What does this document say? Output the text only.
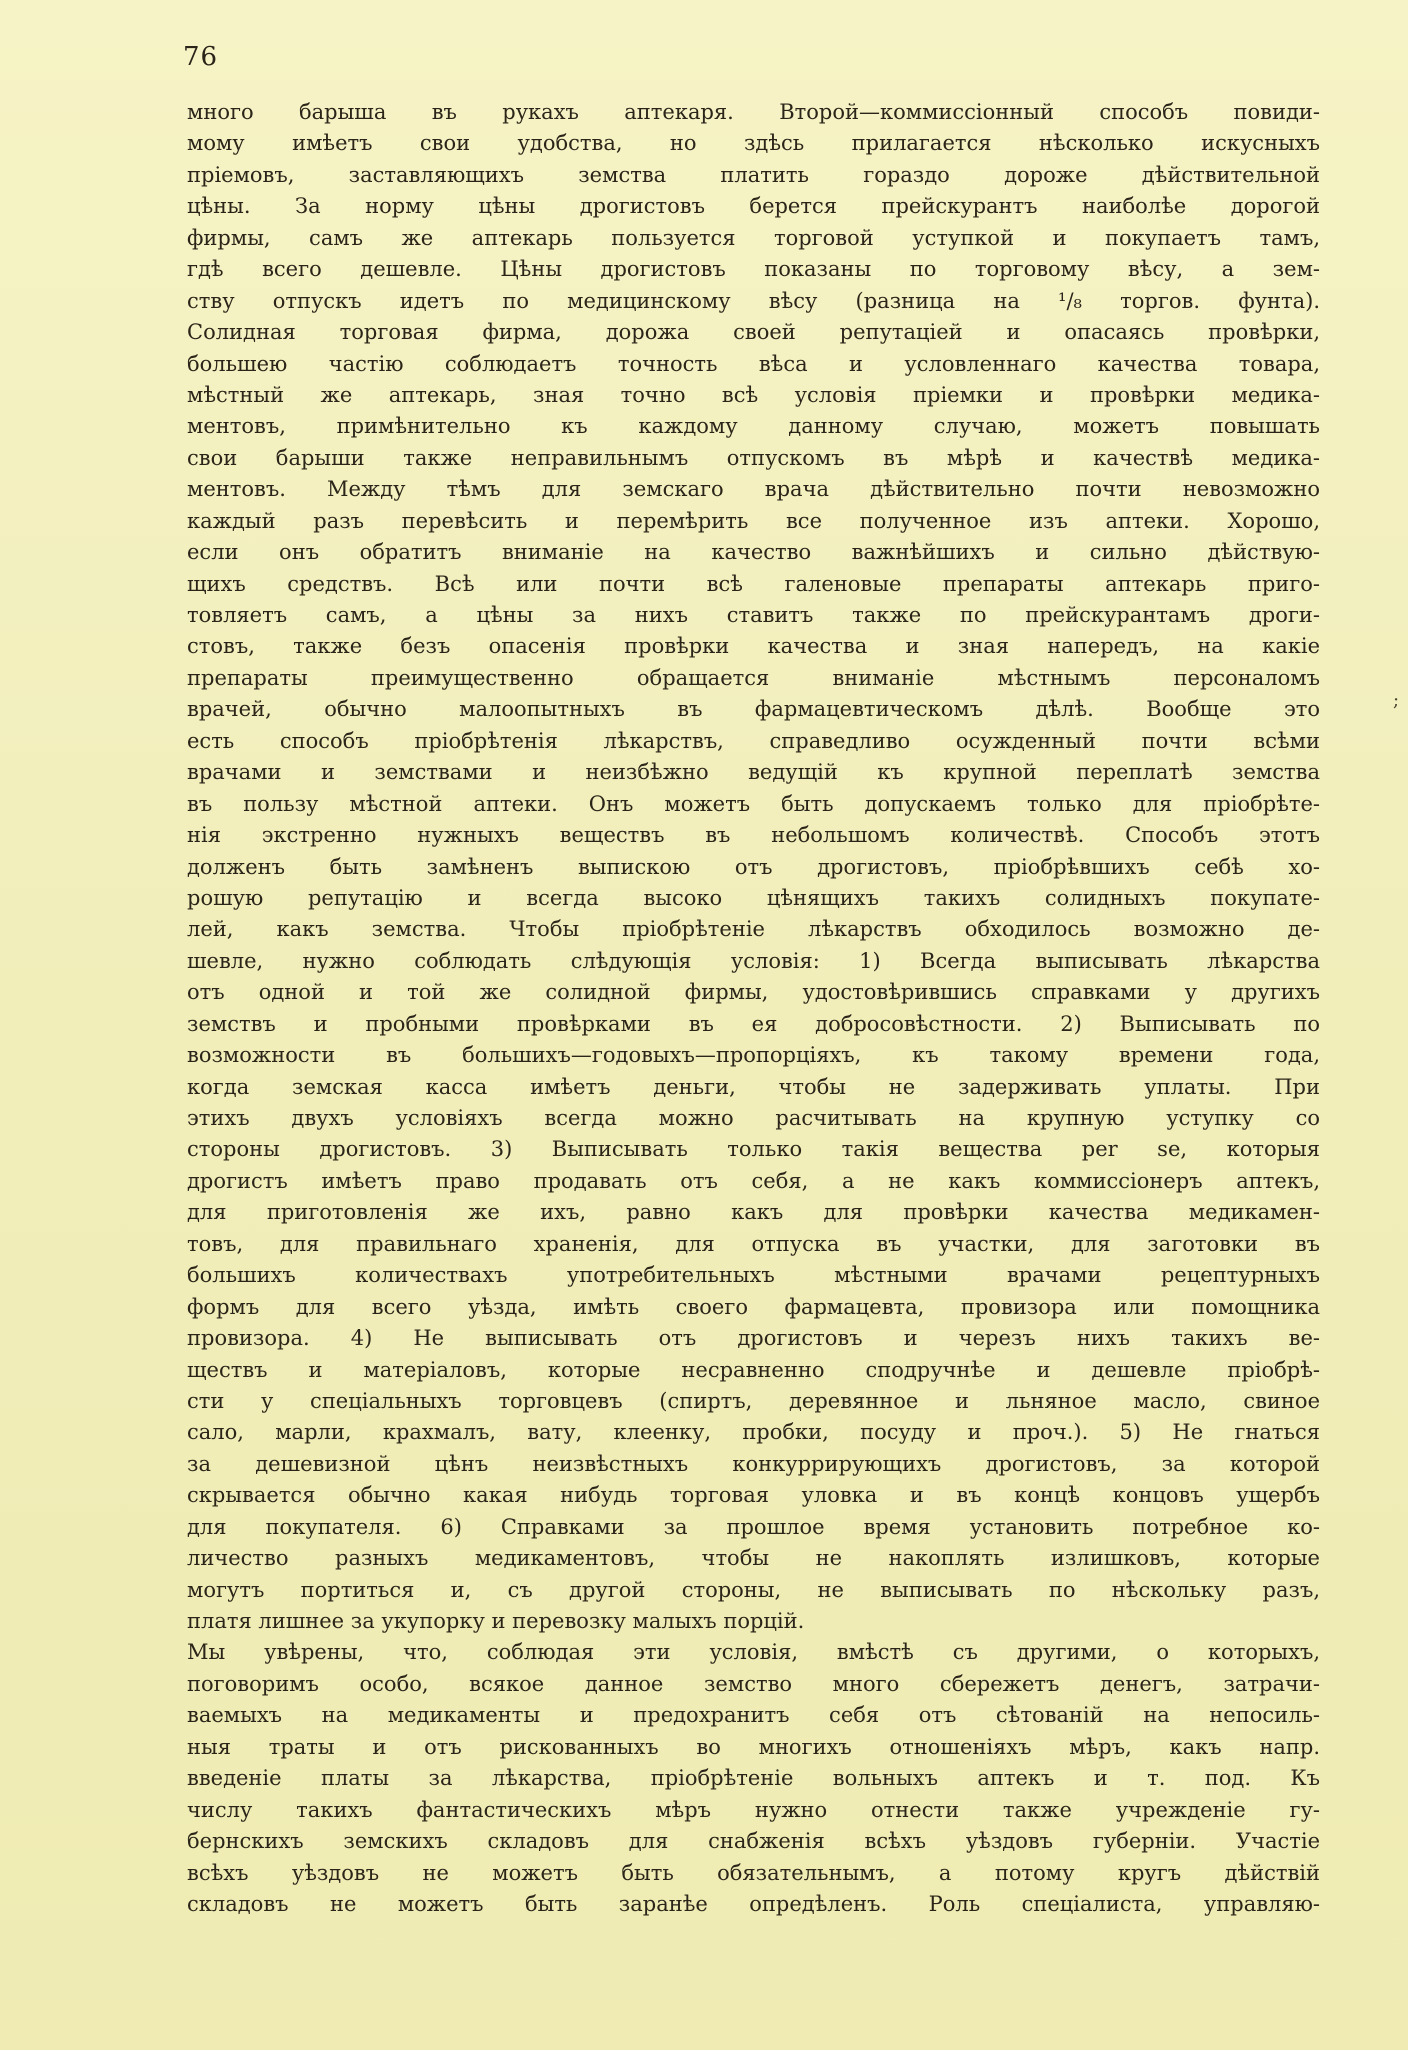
76
;
много барыша въ рукахъ аптекаря. Второй—коммиссiонный способъ повиди-
мому имѣетъ свои удобства, но здѣсь прилагается нѣсколько искусныхъ
прiемовъ, заставляющихъ земства платить гораздо дороже дѣйствительной
цѣны. За норму цѣны дрогистовъ берется прейскурантъ наиболѣе дорогой
фирмы, самъ же аптекарь пользуется торговой уступкой и покупаетъ тамъ,
гдѣ всего дешевле. Цѣны дрогистовъ показаны по торговому вѣсу, а зем-
ству отпускъ идетъ по медицинскому вѣсу (разница на ¹/₈ торгов. фунта).
Солидная торговая фирма, дорожа своей репутацiей и опасаясь провѣрки,
большею частiю соблюдаетъ точность вѣса и условленнаго качества товара,
мѣстный же аптекарь, зная точно всѣ условiя прiемки и провѣрки медика-
ментовъ, примѣнительно къ каждому данному случаю, можетъ повышать
свои барыши также неправильнымъ отпускомъ въ мѣрѣ и качествѣ медика-
ментовъ. Между тѣмъ для земскаго врача дѣйствительно почти невозможно
каждый разъ перевѣсить и перемѣрить все полученное изъ аптеки. Хорошо,
если онъ обратитъ вниманiе на качество важнѣйшихъ и сильно дѣйствую-
щихъ средствъ. Всѣ или почти всѣ галеновые препараты аптекарь приго-
товляетъ самъ, а цѣны за нихъ ставитъ также по прейскурантамъ дроги-
стовъ, также безъ опасенiя провѣрки качества и зная напередъ, на какiе
препараты преимущественно обращается вниманiе мѣстнымъ персоналомъ
врачей, обычно малоопытныхъ въ фармацевтическомъ дѣлѣ. Вообще это
есть способъ прiобрѣтенiя лѣкарствъ, справедливо осужденный почти всѣми
врачами и земствами и неизбѣжно ведущiй къ крупной переплатѣ земства
въ пользу мѣстной аптеки. Онъ можетъ быть допускаемъ только для прiобрѣте-
нiя экстренно нужныхъ веществъ въ небольшомъ количествѣ. Способъ этотъ
долженъ быть замѣненъ выпискою отъ дрогистовъ, прiобрѣвшихъ себѣ хо-
рошую репутацiю и всегда высоко цѣнящихъ такихъ солидныхъ покупате-
лей, какъ земства. Чтобы прiобрѣтенiе лѣкарствъ обходилось возможно де-
шевле, нужно соблюдать слѣдующiя условiя: 1) Всегда выписывать лѣкарства
отъ одной и той же солидной фирмы, удостовѣрившись справками у другихъ
земствъ и пробными провѣрками въ ея добросовѣстности. 2) Выписывать по
возможности въ большихъ—годовыхъ—пропорцiяхъ, къ такому времени года,
когда земская касса имѣетъ деньги, чтобы не задерживать уплаты. При
этихъ двухъ условiяхъ всегда можно расчитывать на крупную уступку со
стороны дрогистовъ. 3) Выписывать только такiя вещества per se, которыя
дрогистъ имѣетъ право продавать отъ себя, а не какъ коммиссiонеръ аптекъ,
для приготовленiя же ихъ, равно какъ для провѣрки качества медикамен-
товъ, для правильнаго храненiя, для отпуска въ участки, для заготовки въ
большихъ количествахъ употребительныхъ мѣстными врачами рецептурныхъ
формъ для всего уѣзда, имѣть своего фармацевта, провизора или помощника
провизора. 4) Не выписывать отъ дрогистовъ и черезъ нихъ такихъ ве-
ществъ и матерiаловъ, которые несравненно сподручнѣе и дешевле прiобрѣ-
сти у спецiальныхъ торговцевъ (спиртъ, деревянное и льняное масло, свиное
сало, марли, крахмалъ, вату, клеенку, пробки, посуду и проч.). 5) Не гнаться
за дешевизной цѣнъ неизвѣстныхъ конкуррирующихъ дрогистовъ, за которой
скрывается обычно какая нибудь торговая уловка и въ концѣ концовъ ущербъ
для покупателя. 6) Справками за прошлое время установить потребное ко-
личество разныхъ медикаментовъ, чтобы не накоплять излишковъ, которые
могутъ портиться и, съ другой стороны, не выписывать по нѣскольку разъ,
платя лишнее за укупорку и перевозку малыхъ порцiй.
Мы увѣрены, что, соблюдая эти условiя, вмѣстѣ съ другими, о которыхъ,
поговоримъ особо, всякое данное земство много сбережетъ денегъ, затрачи-
ваемыхъ на медикаменты и предохранитъ себя отъ сѣтованiй на непосиль-
ныя траты и отъ рискованныхъ во многихъ отношенiяхъ мѣръ, какъ напр.
введенiе платы за лѣкарства, прiобрѣтенiе вольныхъ аптекъ и т. под. Къ
числу такихъ фантастическихъ мѣръ нужно отнести также учрежденiе гу-
бернскихъ земскихъ складовъ для снабженiя всѣхъ уѣздовъ губернiи. Участiе
всѣхъ уѣздовъ не можетъ быть обязательнымъ, а потому кругъ дѣйствiй
складовъ не можетъ быть заранѣе опредѣленъ. Роль спецiалиста, управляю-
